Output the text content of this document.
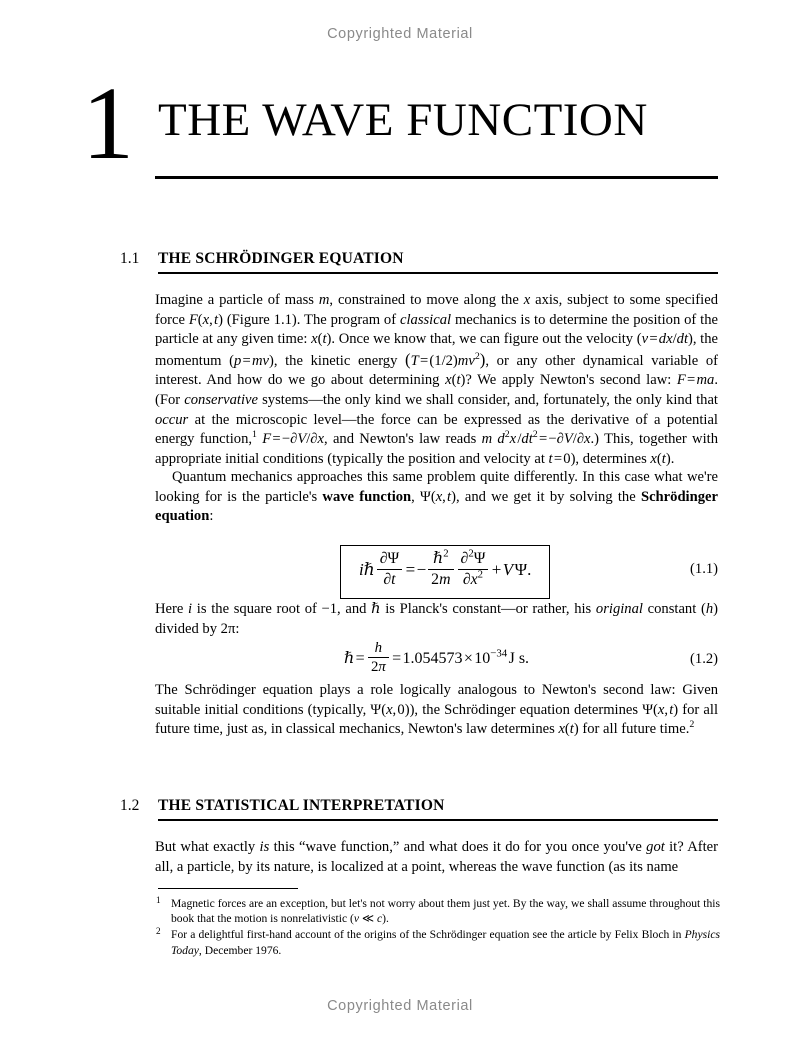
Copyrighted Material
1 THE WAVE FUNCTION
1.1 THE SCHRÖDINGER EQUATION

Imagine a particle of mass m, constrained to move along the x axis, subject to some specified force F(x, t) (Figure 1.1). The program of classical mechanics is to determine the position of the particle at any given time: x(t). Once we know that, we can figure out the velocity (v = dx/dt), the momentum (p = mv), the kinetic energy (T = $(1/2)mv^2$), or any other dynamical variable of interest. And how do we go about determining x(t)? We apply Newton's second law: F = ma. (For conservative systems—the only kind we shall consider, and, fortunately, the only kind that occur at the microscopic level—the force can be expressed as the derivative of a potential energy function,$^1$ F = −∂V/∂x, and Newton's law reads m $d^2x$ $/dt^2$ = −∂V/∂x.) This, together with appropriate initial conditions (typically the position and velocity at t = 0), determines x(t).

Quantum mechanics approaches this same problem quite differently. In this case what we're looking for is the particle's wave function, Ψ(x, t), and we get it by solving the Schrödinger equation:

iℏ $\frac{\partial\Psi}{\partial t}$  = − $\frac{\hbar^2}{2m} \frac{\partial^2\Psi}{\partial x^2}$  + V Ψ.	(1.1)

Here i is the square root of −1, and ℏ is Planck's constant—or rather, his original constant (h) divided by 2π:

ℏ =  $\frac{h}{2\pi}$  = 1.054573 × $10^{-34}$ J s.	(1.2)

The Schrödinger equation plays a role logically analogous to Newton's second law: Given suitable initial conditions (typically, Ψ(x, 0)), the Schrödinger equation determines Ψ(x, t) for all future time, just as, in classical mechanics, Newton's law determines x(t) for all future time.$^2$

1.2 THE STATISTICAL INTERPRETATION

But what exactly is this “wave function,” and what does it do for you once you've got it? After all, a particle, by its nature, is localized at a point, whereas the wave function (as its name

1 Magnetic forces are an exception, but let's not worry about them just yet. By the way, we shall assume throughout this book that the motion is nonrelativistic (v ≪ c).
2 For a delightful first-hand account of the origins of the Schrödinger equation see the article by Felix Bloch in Physics Today, December 1976.
Copyrighted Material
